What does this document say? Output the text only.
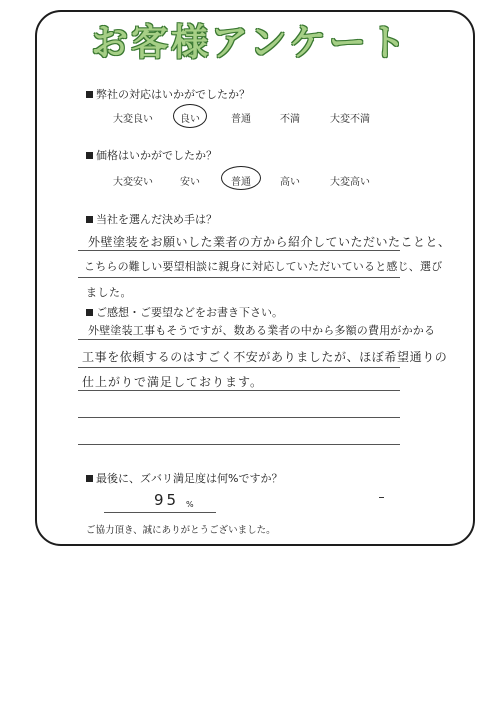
お客様アンケート
弊社の対応はいかがでしたか？
大変良い	良い	普通	不満	大変不満
価格はいかがでしたか？
大変安い	安い	普通	高い	大変高い
当社を選んだ決め手は？
外壁塗装をお願いした業者の方から紹介していただいたことと、
こちらの難しい要望相談に親身に対応していただいていると感じ、選び
ました。
ご感想・ご要望などをお書き下さい。
外壁塗装工事もそうですが、数ある業者の中から多額の費用がかかる
工事を依頼するのはすごく不安がありましたが、ほぼ希望通りの
仕上がりで満足しております。
最後に、ズバリ満足度は何%ですか？
95 %
ご協力頂き、誠にありがとうございました。
